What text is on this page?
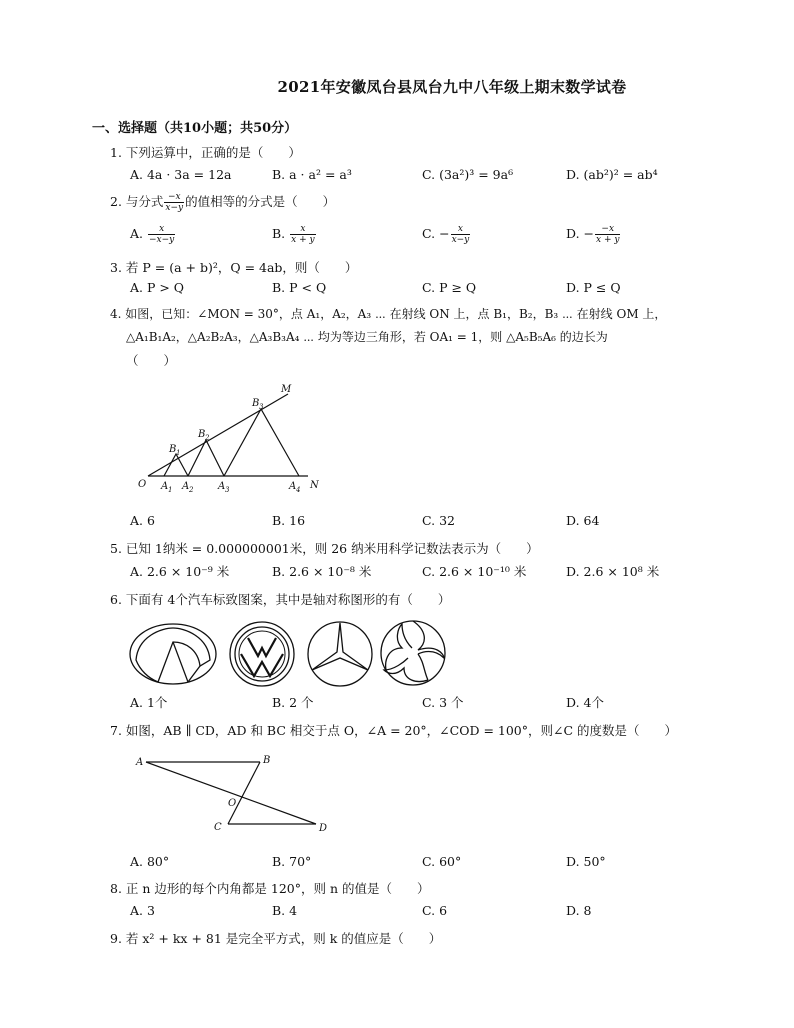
2021年安徽凤台县凤台九中八年级上期末数学试卷
一、选择题（共10小题；共50分）
1. 下列运算中，正确的是（　　）
A. 4a · 3a = 12a	B. a · a² = a³	C. (3a²)³ = 9a⁶	D. (ab²)² = ab⁴
2. 与分式 $\frac{-x}{x-y}$ 的值相等的分式是（　　）
A. $\frac{x}{-x-y}$	B. $\frac{x}{x + y}$	C. − $\frac{x}{x-y}$	D. − $\frac{-x}{x + y}$
3. 若 P = (a + b)²，Q = 4ab，则（　　）
A. P > Q	B. P < Q	C. P ≥ Q	D. P ≤ Q
4. 如图，已知：∠MON = 30°，点 A₁，A₂，A₃ ⋯ 在射线 ON 上，点 B₁，B₂，B₃ ⋯ 在射线 OM 上，
△A₁B₁A₂，△A₂B₂A₃，△A₃B₃A₄ ⋯ 均为等边三角形，若 OA₁ = 1，则 △A₅B₅A₆ 的边长为
（　　）
O A 1 A 2 A 3	A 4 N
M
B 1
B 2
B 3
A. 6	B. 16	C. 32	D. 64
5. 已知 1纳米 = 0.000000001米，则 26 纳米用科学记数法表示为（　　）
A. 2.6 × 10⁻⁹ 米	B. 2.6 × 10⁻⁸ 米	C. 2.6 × 10⁻¹⁰ 米	D. 2.6 × 10⁸ 米
6. 下面有 4个汽车标致图案，其中是轴对称图形的有（　　）
A. 1个	B. 2 个	C. 3 个	D. 4个
7. 如图，AB ∥ CD，AD 和 BC 相交于点 O，∠A = 20°，∠COD = 100°，则∠C 的度数是（　　）
A	B
O
C	D
A. 80°	B. 70°	C. 60°	D. 50°
8. 正 n 边形的每个内角都是 120°，则 n 的值是（　　）
A. 3	B. 4	C. 6	D. 8
9. 若 x² + kx + 81 是完全平方式，则 k 的值应是（　　）
